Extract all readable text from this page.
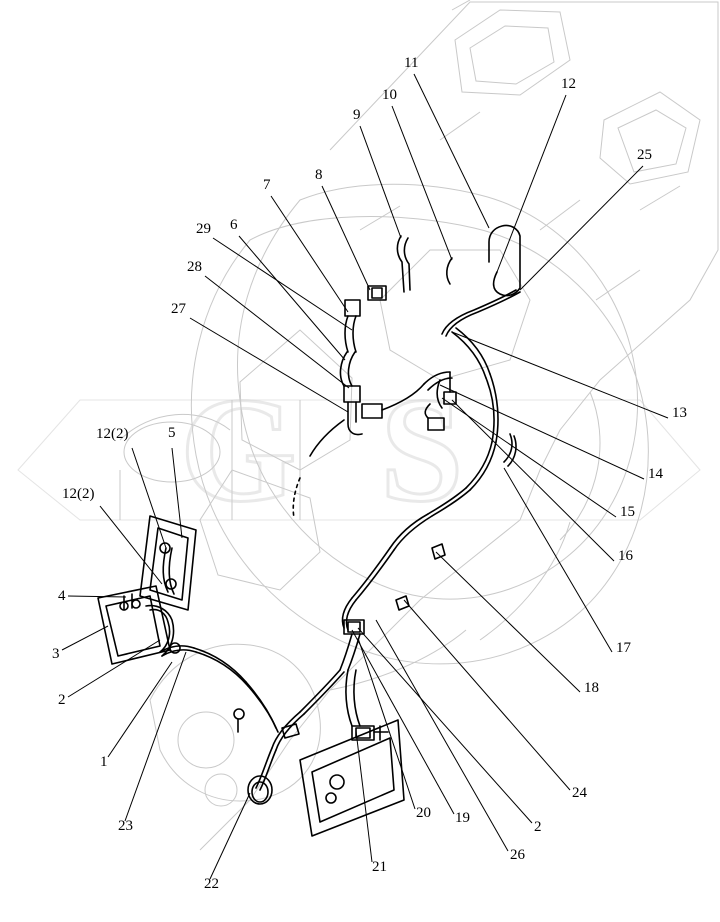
G S
11
10
12
9
25
7
8
29 6
28
27
13
14
15
16
17
18
24
26
2
19
20
21
22
23
1
2
3
4
5
12(2)
12(2)
